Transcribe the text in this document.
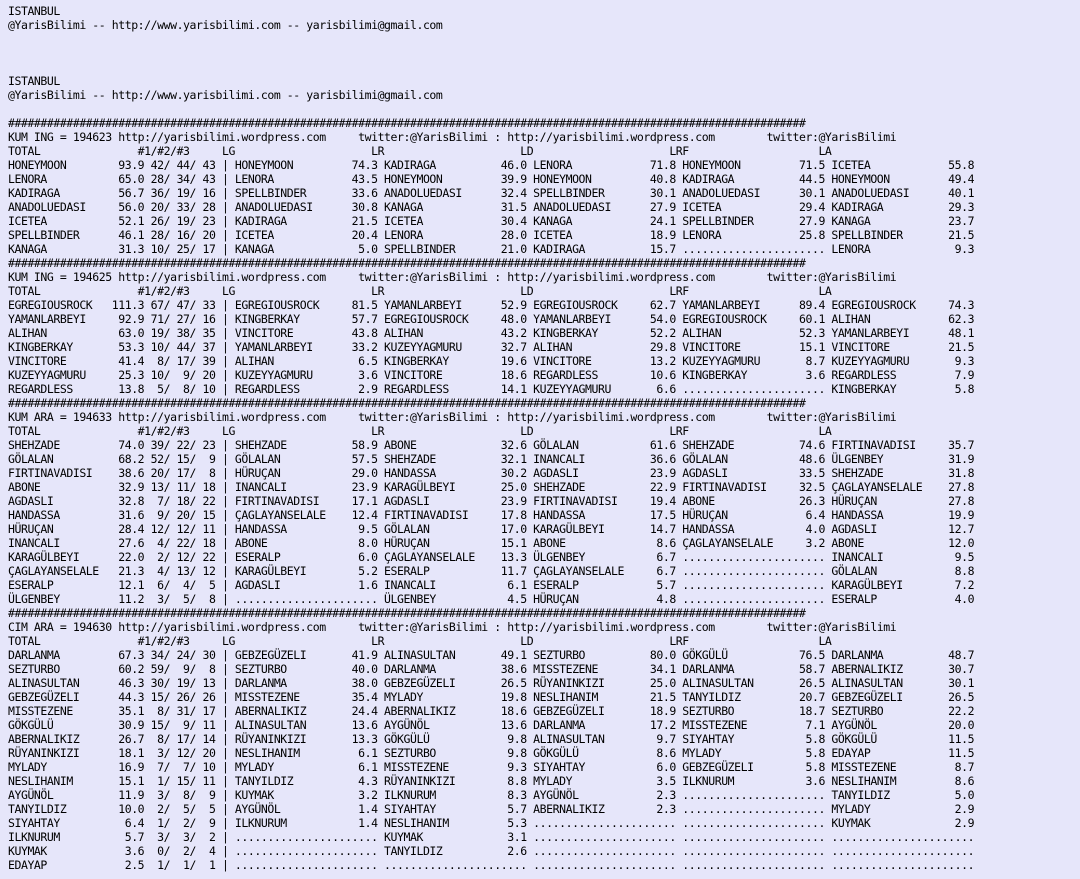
ISTANBUL
@YarisBilimi -- http://www.yarisbilimi.com -- yarisbilimi@gmail.com

ISTANBUL
@YarisBilimi -- http://www.yarisbilimi.com -- yarisbilimi@gmail.com

###########################################################################################################################
KUM ING = 194623 http://yarisbilimi.wordpress.com     twitter:@YarisBilimi : http://yarisbilimi.wordpress.com        twitter:@YarisBilimi
TOTAL               #1/#2/#3     LG                     LR                     LD                     LRF                    LA
HONEYMOON        93.9 42/ 44/ 43 | HONEYMOON         74.3 KADIRAGA          46.0 LENORA            71.8 HONEYMOON         71.5 ICETEA            55.8
LENORA           65.0 28/ 34/ 43 | LENORA            43.5 HONEYMOON         39.9 HONEYMOON         40.8 KADIRAGA          44.5 HONEYMOON         49.4
KADIRAGA         56.7 36/ 19/ 16 | SPELLBINDER       33.6 ANADOLUEDASI      32.4 SPELLBINDER       30.1 ANADOLUEDASI      30.1 ANADOLUEDASI      40.1
ANADOLUEDASI     56.0 20/ 33/ 28 | ANADOLUEDASI      30.8 KANAGA            31.5 ANADOLUEDASI      27.9 ICETEA            29.4 KADIRAGA          29.3
ICETEA           52.1 26/ 19/ 23 | KADIRAGA          21.5 ICETEA            30.4 KANAGA            24.1 SPELLBINDER       27.9 KANAGA            23.7
SPELLBINDER      46.1 28/ 16/ 20 | ICETEA            20.4 LENORA            28.0 ICETEA            18.9 LENORA            25.8 SPELLBINDER       21.5
KANAGA           31.3 10/ 25/ 17 | KANAGA             5.0 SPELLBINDER       21.0 KADIRAGA          15.7 ...................... LENORA             9.3
###########################################################################################################################
KUM ING = 194625 http://yarisbilimi.wordpress.com     twitter:@YarisBilimi : http://yarisbilimi.wordpress.com        twitter:@YarisBilimi
TOTAL               #1/#2/#3     LG                     LR                     LD                     LRF                    LA
EGREGIOUSROCK   111.3 67/ 47/ 33 | EGREGIOUSROCK     81.5 YAMANLARBEYI      52.9 EGREGIOUSROCK     62.7 YAMANLARBEYI      89.4 EGREGIOUSROCK     74.3
YAMANLARBEYI     92.9 71/ 27/ 16 | KINGBERKAY        57.7 EGREGIOUSROCK     48.0 YAMANLARBEYI      54.0 EGREGIOUSROCK     60.1 ALIHAN            62.3
ALIHAN           63.0 19/ 38/ 35 | VINCITORE         43.8 ALIHAN            43.2 KINGBERKAY        52.2 ALIHAN            52.3 YAMANLARBEYI      48.1
KINGBERKAY       53.3 10/ 44/ 37 | YAMANLARBEYI      33.2 KUZEYYAGMURU      32.7 ALIHAN            29.8 VINCITORE         15.1 VINCITORE         21.5
VINCITORE        41.4  8/ 17/ 39 | ALIHAN             6.5 KINGBERKAY        19.6 VINCITORE         13.2 KUZEYYAGMURU       8.7 KUZEYYAGMURU       9.3
KUZEYYAGMURU     25.3 10/  9/ 20 | KUZEYYAGMURU       3.6 VINCITORE         18.6 REGARDLESS        10.6 KINGBERKAY         3.6 REGARDLESS         7.9
REGARDLESS       13.8  5/  8/ 10 | REGARDLESS         2.9 REGARDLESS        14.1 KUZEYYAGMURU       6.6 ...................... KINGBERKAY         5.8
###########################################################################################################################
KUM ARA = 194633 http://yarisbilimi.wordpress.com     twitter:@YarisBilimi : http://yarisbilimi.wordpress.com        twitter:@YarisBilimi
TOTAL               #1/#2/#3     LG                     LR                     LD                     LRF                    LA
SHEHZADE         74.0 39/ 22/ 23 | SHEHZADE          58.9 ABONE             32.6 GÖLALAN           61.6 SHEHZADE          74.6 FIRTINAVADISI     35.7
GÖLALAN          68.2 52/ 15/  9 | GÖLALAN           57.5 SHEHZADE          32.1 INANCALI          36.6 GÖLALAN           48.6 ÜLGENBEY          31.9
FIRTINAVADISI    38.6 20/ 17/  8 | HÜRUÇAN           29.0 HANDASSA          30.2 AGDASLI           23.9 AGDASLI           33.5 SHEHZADE          31.8
ABONE            32.9 13/ 11/ 18 | INANCALI          23.9 KARAGÜLBEYI       25.0 SHEHZADE          22.9 FIRTINAVADISI     32.5 ÇAGLAYANSELALE    27.8
AGDASLI          32.8  7/ 18/ 22 | FIRTINAVADISI     17.1 AGDASLI           23.9 FIRTINAVADISI     19.4 ABONE             26.3 HÜRUÇAN           27.8
HANDASSA         31.6  9/ 20/ 15 | ÇAGLAYANSELALE    12.4 FIRTINAVADISI     17.8 HANDASSA          17.5 HÜRUÇAN            6.4 HANDASSA          19.9
HÜRUÇAN          28.4 12/ 12/ 11 | HANDASSA           9.5 GÖLALAN           17.0 KARAGÜLBEYI       14.7 HANDASSA           4.0 AGDASLI           12.7
INANCALI         27.6  4/ 22/ 18 | ABONE              8.0 HÜRUÇAN           15.1 ABONE              8.6 ÇAGLAYANSELALE     3.2 ABONE             12.0
KARAGÜLBEYI      22.0  2/ 12/ 22 | ESERALP            6.0 ÇAGLAYANSELALE    13.3 ÜLGENBEY           6.7 ...................... INANCALI           9.5
ÇAGLAYANSELALE   21.3  4/ 13/ 12 | KARAGÜLBEYI        5.2 ESERALP           11.7 ÇAGLAYANSELALE     6.7 ...................... GÖLALAN            8.8
ESERALP          12.1  6/  4/  5 | AGDASLI            1.6 INANCALI           6.1 ESERALP            5.7 ...................... KARAGÜLBEYI        7.2
ÜLGENBEY         11.2  3/  5/  8 | ...................... ÜLGENBEY           4.5 HÜRUÇAN            4.8 ...................... ESERALP            4.0
###########################################################################################################################
CIM ARA = 194630 http://yarisbilimi.wordpress.com     twitter:@YarisBilimi : http://yarisbilimi.wordpress.com        twitter:@YarisBilimi
TOTAL               #1/#2/#3     LG                     LR                     LD                     LRF                    LA
DARLANMA         67.3 34/ 24/ 30 | GEBZEGÜZELI       41.9 ALINASULTAN       49.1 SEZTURBO          80.0 GÖKGÜLÜ           76.5 DARLANMA          48.7
SEZTURBO         60.2 59/  9/  8 | SEZTURBO          40.0 DARLANMA          38.6 MISSTEZENE        34.1 DARLANMA          58.7 ABERNALIKIZ       30.7
ALINASULTAN      46.3 30/ 19/ 13 | DARLANMA          38.0 GEBZEGÜZELI       26.5 RÜYANINKIZI       25.0 ALINASULTAN       26.5 ALINASULTAN       30.1
GEBZEGÜZELI      44.3 15/ 26/ 26 | MISSTEZENE        35.4 MYLADY            19.8 NESLIHANIM        21.5 TANYILDIZ         20.7 GEBZEGÜZELI       26.5
MISSTEZENE       35.1  8/ 31/ 17 | ABERNALIKIZ       24.4 ABERNALIKIZ       18.6 GEBZEGÜZELI       18.9 SEZTURBO          18.7 SEZTURBO          22.2
GÖKGÜLÜ          30.9 15/  9/ 11 | ALINASULTAN       13.6 AYGÜNÖL           13.6 DARLANMA          17.2 MISSTEZENE         7.1 AYGÜNÖL           20.0
ABERNALIKIZ      26.7  8/ 17/ 14 | RÜYANINKIZI       13.3 GÖKGÜLÜ            9.8 ALINASULTAN        9.7 SIYAHTAY           5.8 GÖKGÜLÜ           11.5
RÜYANINKIZI      18.1  3/ 12/ 20 | NESLIHANIM         6.1 SEZTURBO           9.8 GÖKGÜLÜ            8.6 MYLADY             5.8 EDAYAP            11.5
MYLADY           16.9  7/  7/ 10 | MYLADY             6.1 MISSTEZENE         9.3 SIYAHTAY           6.0 GEBZEGÜZELI        5.8 MISSTEZENE         8.7
NESLIHANIM       15.1  1/ 15/ 11 | TANYILDIZ          4.3 RÜYANINKIZI        8.8 MYLADY             3.5 ILKNURUM           3.6 NESLIHANIM         8.6
AYGÜNÖL          11.9  3/  8/  9 | KUYMAK             3.2 ILKNURUM           8.3 AYGÜNÖL            2.3 ...................... TANYILDIZ          5.0
TANYILDIZ        10.0  2/  5/  5 | AYGÜNÖL            1.4 SIYAHTAY           5.7 ABERNALIKIZ        2.3 ...................... MYLADY             2.9
SIYAHTAY          6.4  1/  2/  9 | ILKNURUM           1.4 NESLIHANIM         5.3 ...................... ...................... KUYMAK             2.9
ILKNURUM          5.7  3/  3/  2 | ...................... KUYMAK             3.1 ...................... ...................... ......................
KUYMAK            3.6  0/  2/  4 | ...................... TANYILDIZ          2.6 ...................... ...................... ......................
EDAYAP            2.5  1/  1/  1 | ...................... ...................... ...................... ...................... ......................
